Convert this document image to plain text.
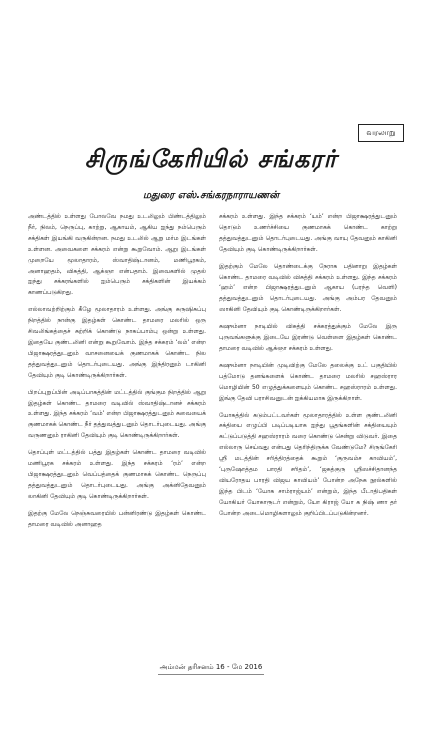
வரலாறு
சிருங்கேரியில் சங்கரர்
மதுரை எஸ்.சங்கரநாராயணன்

அண்டத்தில் உள்ளது போலவே நமது உடலிலும் பிண்டத்திலும் நீர், நிலம், நெருப்பு, காற்று, ஆகாயம், ஆகிய ஐந்து நம்பெரும் சக்திகள் இயங்கி வருகின்றன. நமது உடலில் ஆறு மர்ம இடங்கள் உள்ளன. அவைகளை சக்கரம் என்று கூறுவோம். ஆறு இடங்கள் முறையே மூலாதாரம், ஸ்வாதிஷ்டானம், மணிபூரகம், அனாஹதம், விசுத்தி, ஆக்ஞா என்பதாம். இவைகளில் முதல் ஐந்து சக்கரங்களில் ஐம்பெரும் சக்திகளின் இயக்கம் காணப்படுகிறது.

எல்லாவற்றிற்கும் கீழே மூலாதாரம் உள்ளது. அங்கு சுருஷிசுப்பு நிறத்தில் நான்கு இதழ்கள் கொண்ட தாமரை மலரில் ஒரு சிவலிங்கத்தைச் சுற்றிக் கொண்டு நாகப்பாம்பு ஒன்று உள்ளது. இதையே குண்டலினி என்று கூறுவோம். இந்த சக்கரம் ‘லம்’ என்ற பிஜாக்ஷரத்துடனும் வாசனையைக் குணமாகக் கொண்ட நில தத்துவத்துடனும் தொடர்புடையது. அங்கு இந்திரனும் டாகினி தேவியும் குடி கொண்டிருக்கிறார்கள்.

பிறப்புறுப்பின் அடிப்பாகத்தின் மட்டத்தில் குங்கும நிறத்தில் ஆறு இதழ்கள் கொண்ட தாமரை வடிவில் ஸ்வாதிஷ்டானச் சக்கரம் உள்ளது. இந்த சக்கரம் ‘வம்’ என்ற பிஜாக்ஷரத்துடனும் சுவையைக் குணமாகக் கொண்ட நீர் தத்துவத்துடனும் தொடர்புடையது. அங்கு வருணனும் ராகினி தேவியும் குடி கொண்டிருக்கிறார்கள்.

தொப்புள் மட்டத்தில் பத்து இதழ்கள் கொண்ட தாமரை வடிவில் மணிபூரக சக்கரம் உள்ளது. இந்த சக்கரம் ‘ரம்’ என்ற பிஜாக்ஷரத்துடனும் வெப்பத்தைக் குணமாகக் கொண்ட நெருப்பு தத்துவத்துடனும் தொடர்புடையது. அங்கு அக்னிதேவனும் லாகினி தேவியும் குடி கொண்டிருக்கிறார்கள்.

இதற்கு மேலே நெஞ்சுவரையில் பன்னிரண்டு இதழ்கள் கொண்ட தாமரை வடிவில் அனாஹத

சக்கரம் உள்ளது. இந்த சக்கரம் ‘யம்’ என்ற பிஜாக்ஷரத்துடனும் தொடும் உணர்ச்சியை குணமாகக் கொண்ட காற்று தத்துவத்துடனும் தொடர்புடையது. அங்கு வாயு தேவனும் காகினி தேவியும் குடி கொண்டிருக்கிறார்கள்.

இதற்கும் மேலே தொண்டைக்கு நேராக பதினாறு இதழ்கள் கொண்ட தாமரை வடிவில் விசுத்தி சக்கரம் உள்ளது. இந்த சக்கரம் ‘ஹம்’ என்ற பிஜாக்ஷரத்துடனும் ஆகாய (பரந்த வெளி) தத்துவத்துடனும் தொடர்புடையது. அங்கு அம்பர தேவனும் ஸாகினி தேவியும் குடி கொண்டிருக்கிறார்கள்.

சுஷும்னா நாடியில் விசுத்தி சக்கரத்துக்கும் மேலே இரு புருவங்களுக்கு இடையே இரண்டு வெள்ளை இதழ்கள் கொண்ட தாமரை வடிவில் ஆக்ஞா சக்கரம் உள்ளது.

சுஷும்னா நாடியின் முடிவிற்கு மேலே தலைக்கு உட் பகுதியில் பத்மோடு தனங்களைக் கொண்ட தாமரை மலரில் சஹஸ்ரார மொழியின் 50 எழுத்துக்களையும் கொண்ட சஹஸ்ராரம் உள்ளது. இங்கு தேவி பராசிவனுடன் ஐக்கியமாக இருக்கிறாள்.

யோகத்தில் கடும்பட்டவர்கள் மூலாதாரத்தில் உள்ள குண்டலினி சக்தியை எழுப்பி படிப்படியாக ஐந்து பூதங்களின் சக்தியையும் கட்டுப்படுத்தி சஹஸ்ராரம் வரை கொண்டு சென்று விடுவர். இதை எல்லாரு செய்வது என்பது தெரிந்திருக்க வேண்டுமே? சிருங்கேரி ஸ்ரீ மடத்தின் சரித்திரத்தைக் கூறும் ‘குருவம்ச காவியம்’, ‘புருஷோத்தம பாரதி சரிதம்’, ‘ஜகத்குரு ஸ்ரீஸச்சிதானந்த வியரோதய பாரதி விஜய காவியம்’ போன்ற அநேக நூல்களில் இந்த பிடம் ‘யோக சாம்ராஜ்யம்’ என்றும், இந்த பீடாதிபதிகள் யோகியர் யோகாரூடர் என்றும், யோ கிராஜ் யோ க நிஷ் ணா தர் போன்ற அடைமொழிகளாலும் குறிப்பிடப்படுகின்றனர்.

அம்மன் தரிசனம் 16 - மே 2016
